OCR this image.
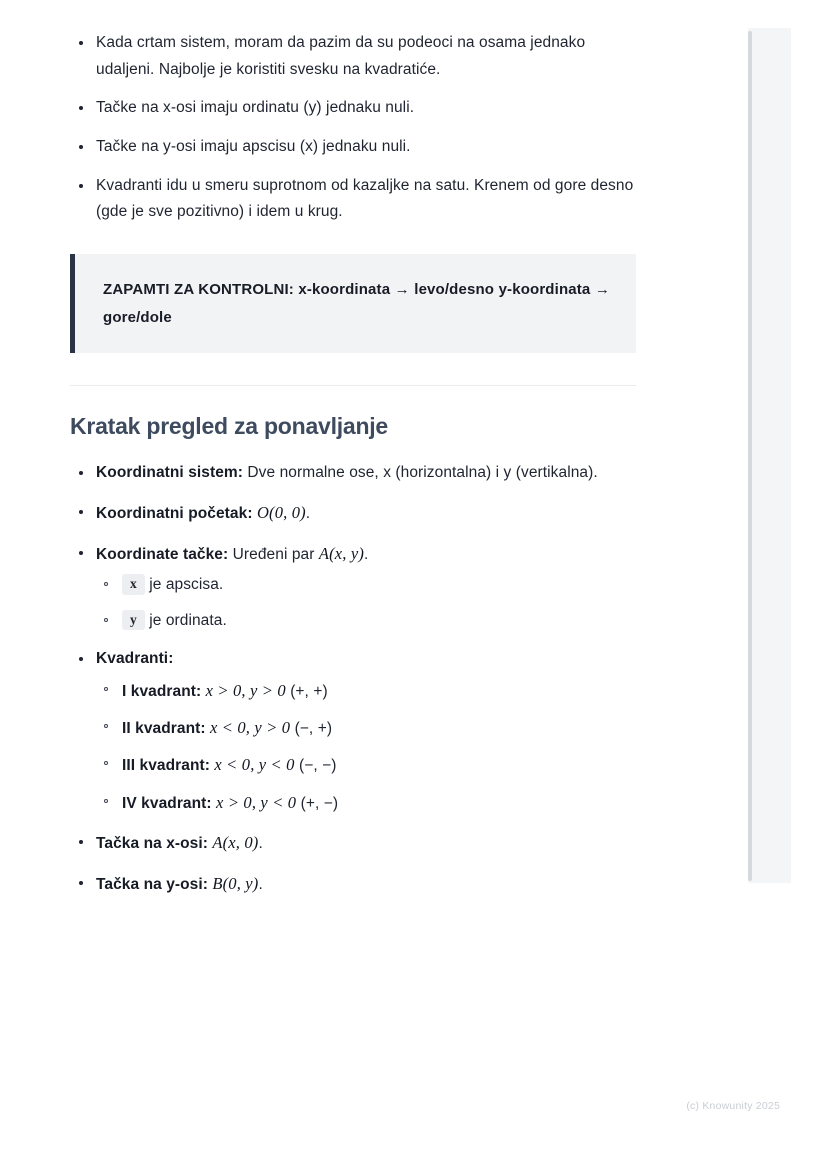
Kada crtam sistem, moram da pazim da su podeoci na osama jednako udaljeni. Najbolje je koristiti svesku na kvadratiće.
Tačke na x-osi imaju ordinatu (y) jednaku nuli.
Tačke na y-osi imaju apscisu (x) jednaku nuli.
Kvadranti idu u smeru suprotnom od kazaljke na satu. Krenem od gore desno (gde je sve pozitivno) i idem u krug.

ZAPAMTI ZA KONTROLNI: x-koordinata → levo/desno y-koordinata → gore/dole

Kratak pregled za ponavljanje
Koordinatni sistem: Dve normalne ose, x (horizontalna) i y (vertikalna).
Koordinatni početak: O(0, 0).
Koordinate tačke: Uređeni par A(x, y).
x je apscisa.
y je ordinata.
Kvadranti:
I kvadrant: x > 0, y > 0 (+, +)
II kvadrant: x < 0, y > 0 (−, +)
III kvadrant: x < 0, y < 0 (−, −)
IV kvadrant: x > 0, y < 0 (+, −)
Tačka na x-osi: A(x, 0).
Tačka na y-osi: B(0, y).
(c) Knowunity 2025
